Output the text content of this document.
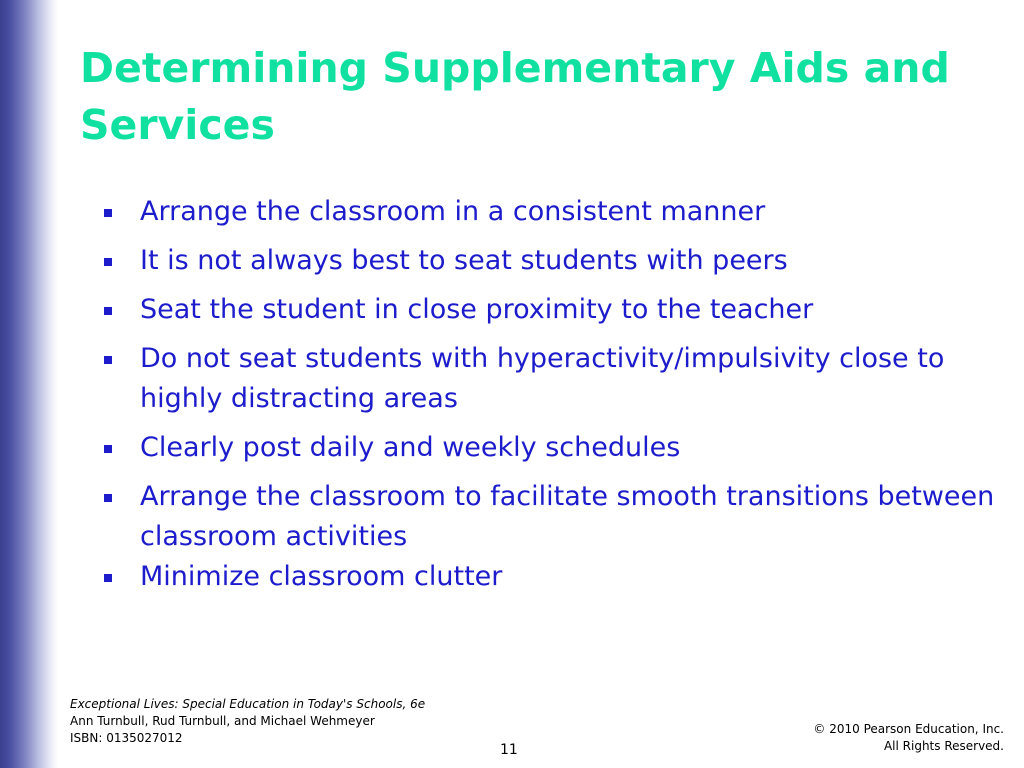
Determining Supplementary Aids and Services
Arrange the classroom in a consistent manner
It is not always best to seat students with peers
Seat the student in close proximity to the teacher
Do not seat students with hyperactivity/impulsivity close to highly distracting areas
Clearly post daily and weekly schedules
Arrange the classroom to facilitate smooth transitions between classroom activities
Minimize classroom clutter
Exceptional Lives: Special Education in Today's Schools, 6e
Ann Turnbull, Rud Turnbull, and Michael Wehmeyer
ISBN: 0135027012
11
© 2010 Pearson Education, Inc.
All Rights Reserved.
